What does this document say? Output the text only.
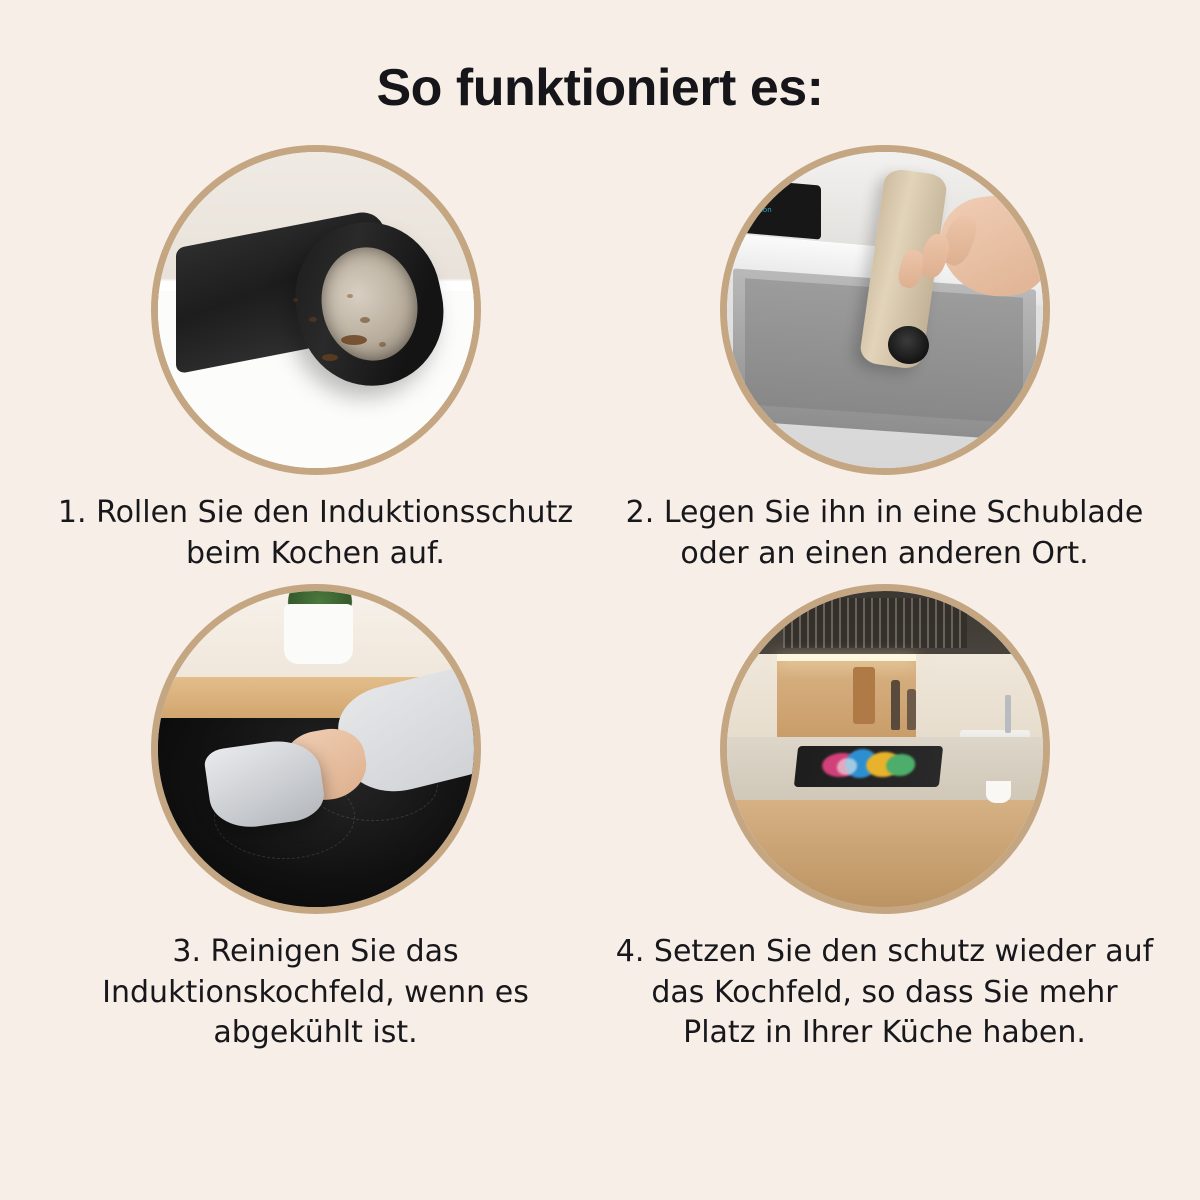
So funktioniert es:
1. Rollen Sie den Induktionsschutz beim Kochen auf.
induction
2. Legen Sie ihn in eine Schublade oder an einen anderen Ort.
3. Reinigen Sie das Induktionskochfeld, wenn es abgekühlt ist.
4. Setzen Sie den schutz wieder auf das Kochfeld, so dass Sie mehr Platz in Ihrer Küche haben.
